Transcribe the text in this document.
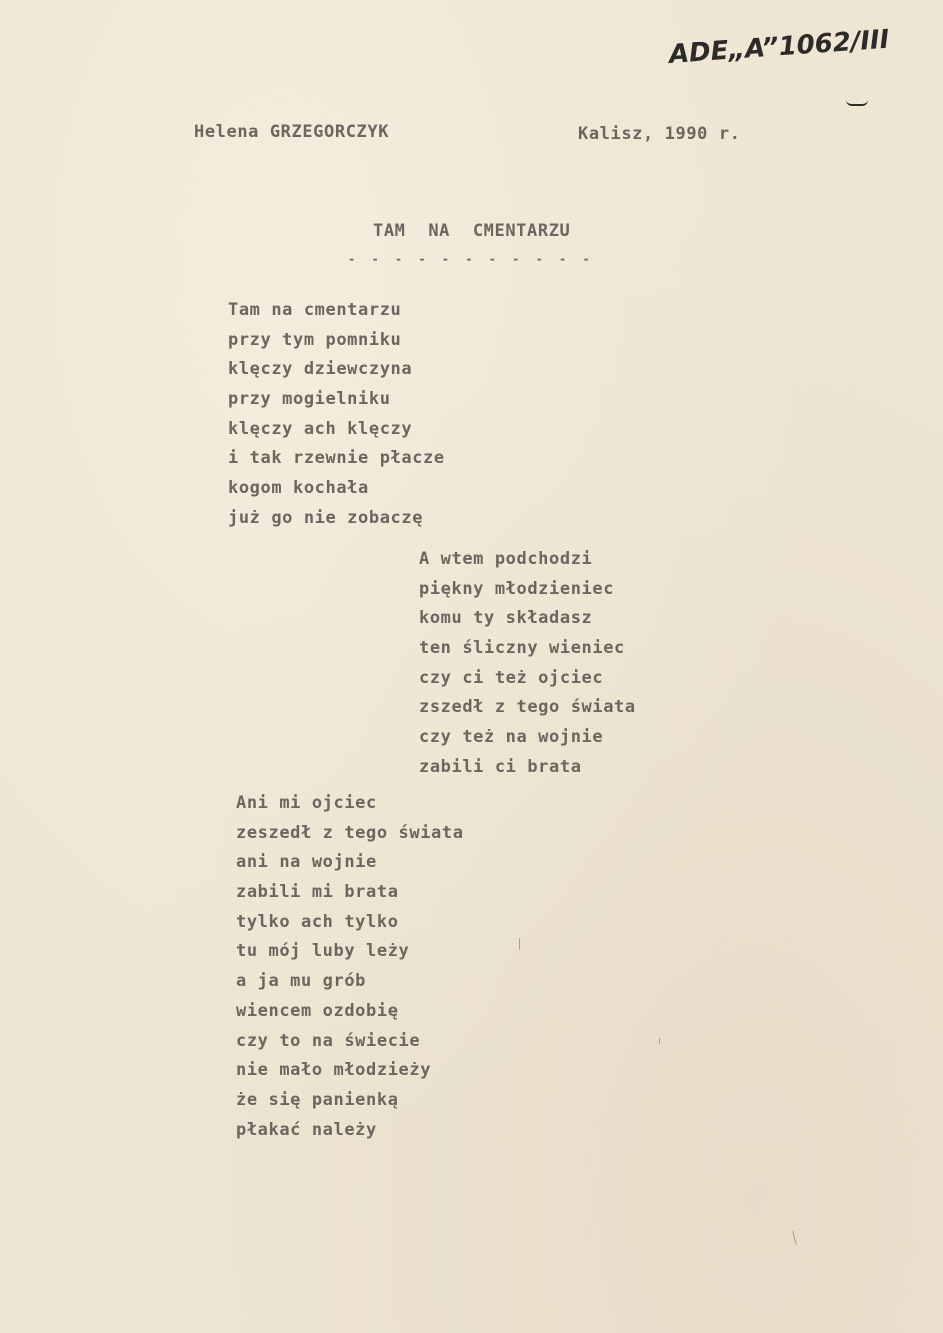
ADE„A”1062/III
Helena GRZEGORCZYK	Kalisz, 1990 r.
TAM NA CMENTARZU
- - - - - - - - - - -
Tam na cmentarzu
przy tym pomniku
klęczy dziewczyna
przy mogielniku
klęczy ach klęczy
i tak rzewnie płacze
kogom kochała
już go nie zobaczę
A wtem podchodzi
piękny młodzieniec
komu ty składasz
ten śliczny wieniec
czy ci też ojciec
zszedł z tego świata
czy też na wojnie
zabili ci brata
Ani mi ojciec
zeszedł z tego świata
ani na wojnie
zabili mi brata
tylko ach tylko
tu mój luby leży
a ja mu grób
wiencem ozdobię
czy to na świecie
nie mało młodzieży
że się panienką
płakać należy
